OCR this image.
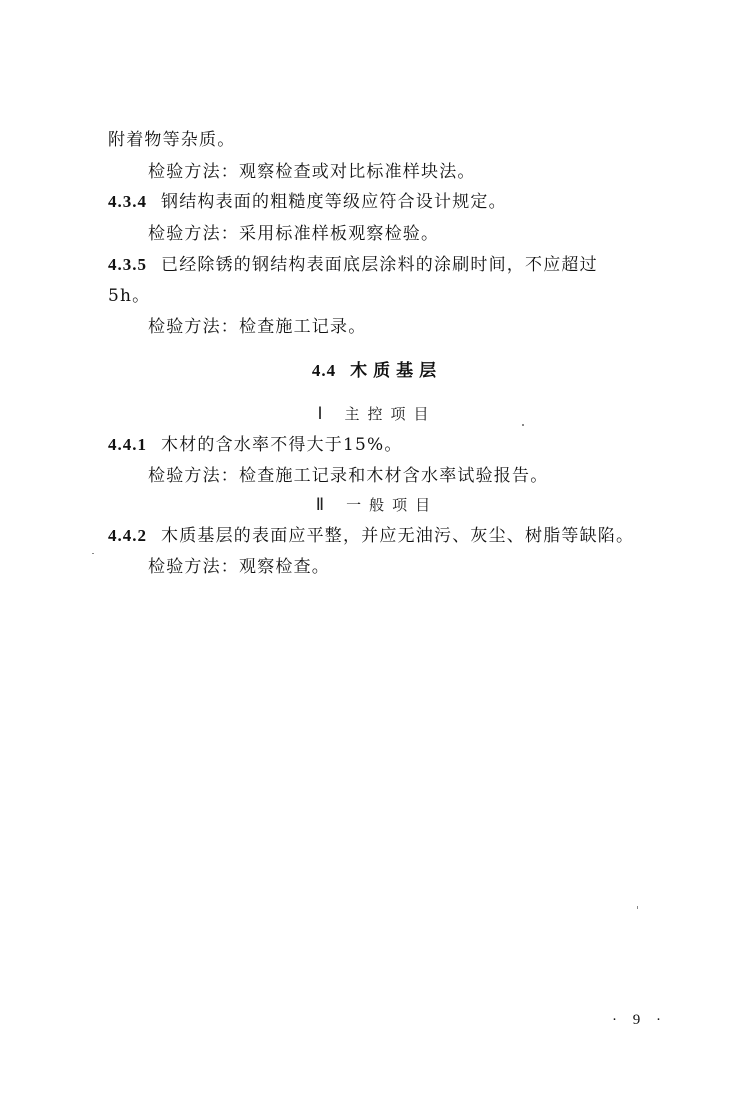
附着物等杂质。
检验方法：观察检查或对比标准样块法。
4.3.4 钢结构表面的粗糙度等级应符合设计规定。
检验方法：采用标准样板观察检验。
4.3.5 已经除锈的钢结构表面底层涂料的涂刷时间，不应超过
5h。
检验方法：检查施工记录。
4.4 木质基层
Ⅰ 主控项目
4.4.1 木材的含水率不得大于15%。
检验方法：检查施工记录和木材含水率试验报告。
Ⅱ 一般项目
4.4.2 木质基层的表面应平整，并应无油污、灰尘、树脂等缺陷。
检验方法：观察检查。
· 9 ·
